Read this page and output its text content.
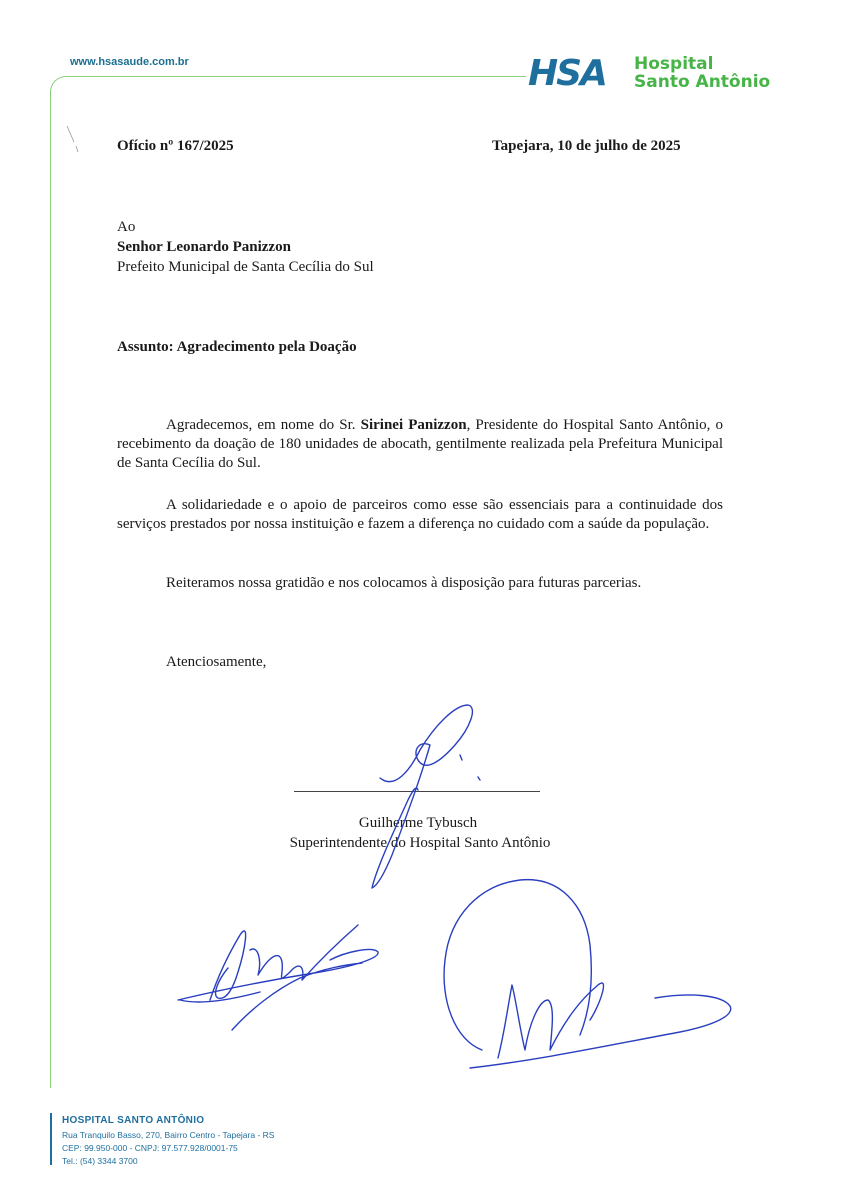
www.hsasaude.com.br	HSA Hospital
Santo Antônio
Ofício nº 167/2025	Tapejara, 10 de julho de 2025
Ao
Senhor Leonardo Panizzon
Prefeito Municipal de Santa Cecília do Sul
Assunto: Agradecimento pela Doação
Agradecemos, em nome do Sr. Sirinei Panizzon, Presidente do Hospital Santo Antônio, o recebimento da doação de 180 unidades de abocath, gentilmente realizada pela Prefeitura Municipal de Santa Cecília do Sul.
A solidariedade e o apoio de parceiros como esse são essenciais para a continuidade dos serviços prestados por nossa instituição e fazem a diferença no cuidado com a saúde da população.
Reiteramos nossa gratidão e nos colocamos à disposição para futuras parcerias.
Atenciosamente,
Guilherme Tybusch
Superintendente do Hospital Santo Antônio
HOSPITAL SANTO ANTÔNIO
Rua Tranquilo Basso, 270, Bairro Centro - Tapejara - RS
CEP: 99.950-000 - CNPJ: 97.577.928/0001-75
Tel.: (54) 3344 3700
